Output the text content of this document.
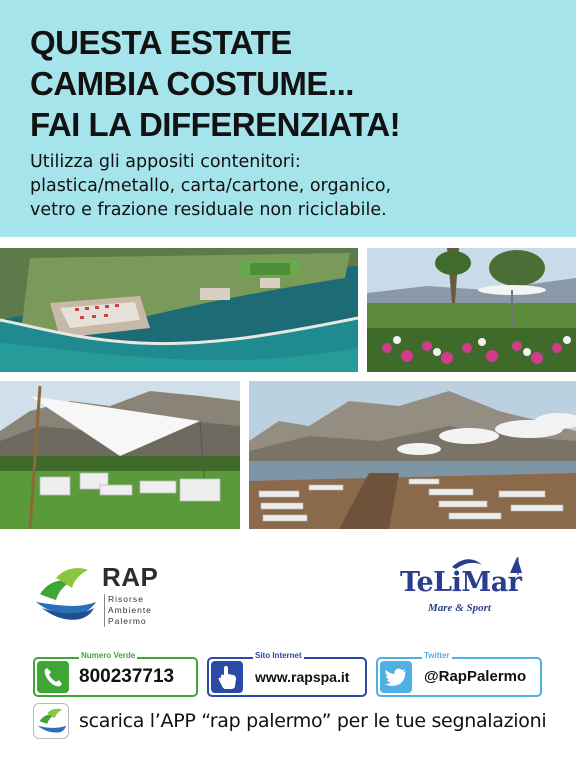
QUESTA ESTATE
CAMBIA COSTUME...
FAI LA DIFFERENZIATA!
Utilizza gli appositi contenitori:
plastica/metallo, carta/cartone, organico,
vetro e frazione residuale non riciclabile.
RAP
Risorse
Ambiente
Palermo
TeLiMar
Mare & Sport
Numero Verde
800237713
Sito Internet
www.rapspa.it
Twitter
@RapPalermo
scarica l’APP “rap palermo” per le tue segnalazioni
